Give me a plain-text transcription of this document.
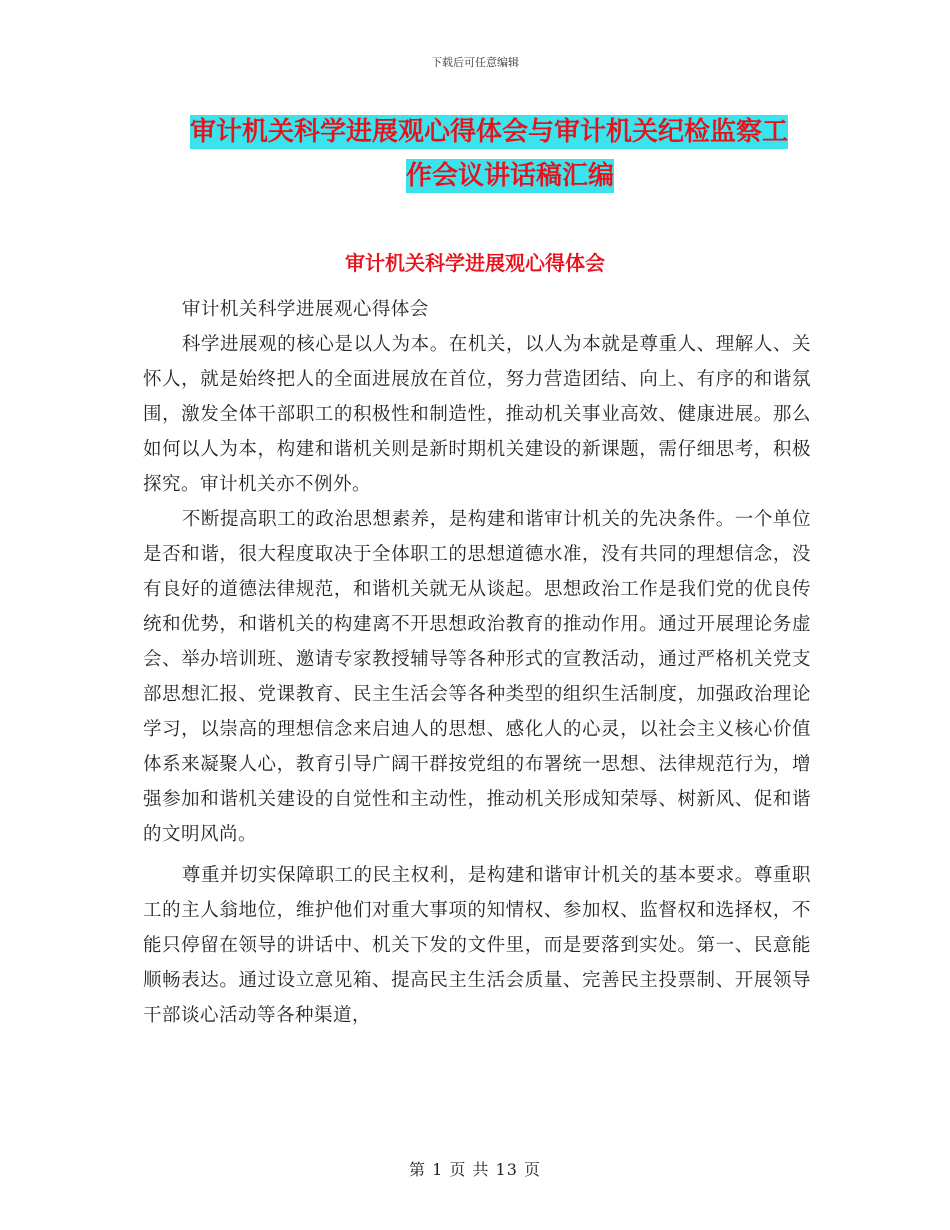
下载后可任意编辑
审计机关科学进展观心得体会与审计机关纪检监察工
作会议讲话稿汇编
审计机关科学进展观心得体会

审计机关科学进展观心得体会

科学进展观的核心是以人为本。在机关，以人为本就是尊重人、理解人、关怀人，就是始终把人的全面进展放在首位，努力营造团结、向上、有序的和谐氛围，激发全体干部职工的积极性和制造性，推动机关事业高效、健康进展。那么如何以人为本，构建和谐机关则是新时期机关建设的新课题，需仔细思考，积极探究。审计机关亦不例外。

不断提高职工的政治思想素养，是构建和谐审计机关的先决条件。一个单位是否和谐，很大程度取决于全体职工的思想道德水准，没有共同的理想信念，没有良好的道德法律规范，和谐机关就无从谈起。思想政治工作是我们党的优良传统和优势，和谐机关的构建离不开思想政治教育的推动作用。通过开展理论务虚会、举办培训班、邀请专家教授辅导等各种形式的宣教活动，通过严格机关党支部思想汇报、党课教育、民主生活会等各种类型的组织生活制度，加强政治理论学习，以崇高的理想信念来启迪人的思想、感化人的心灵，以社会主义核心价值体系来凝聚人心，教育引导广阔干群按党组的布署统一思想、法律规范行为，增强参加和谐机关建设的自觉性和主动性，推动机关形成知荣辱、树新风、促和谐的文明风尚。

尊重并切实保障职工的民主权利，是构建和谐审计机关的基本要求。尊重职工的主人翁地位，维护他们对重大事项的知情权、参加权、监督权和选择权，不能只停留在领导的讲话中、机关下发的文件里，而是要落到实处。第一、民意能顺畅表达。通过设立意见箱、提高民主生活会质量、完善民主投票制、开展领导干部谈心活动等各种渠道，

第 1 页 共 13 页
